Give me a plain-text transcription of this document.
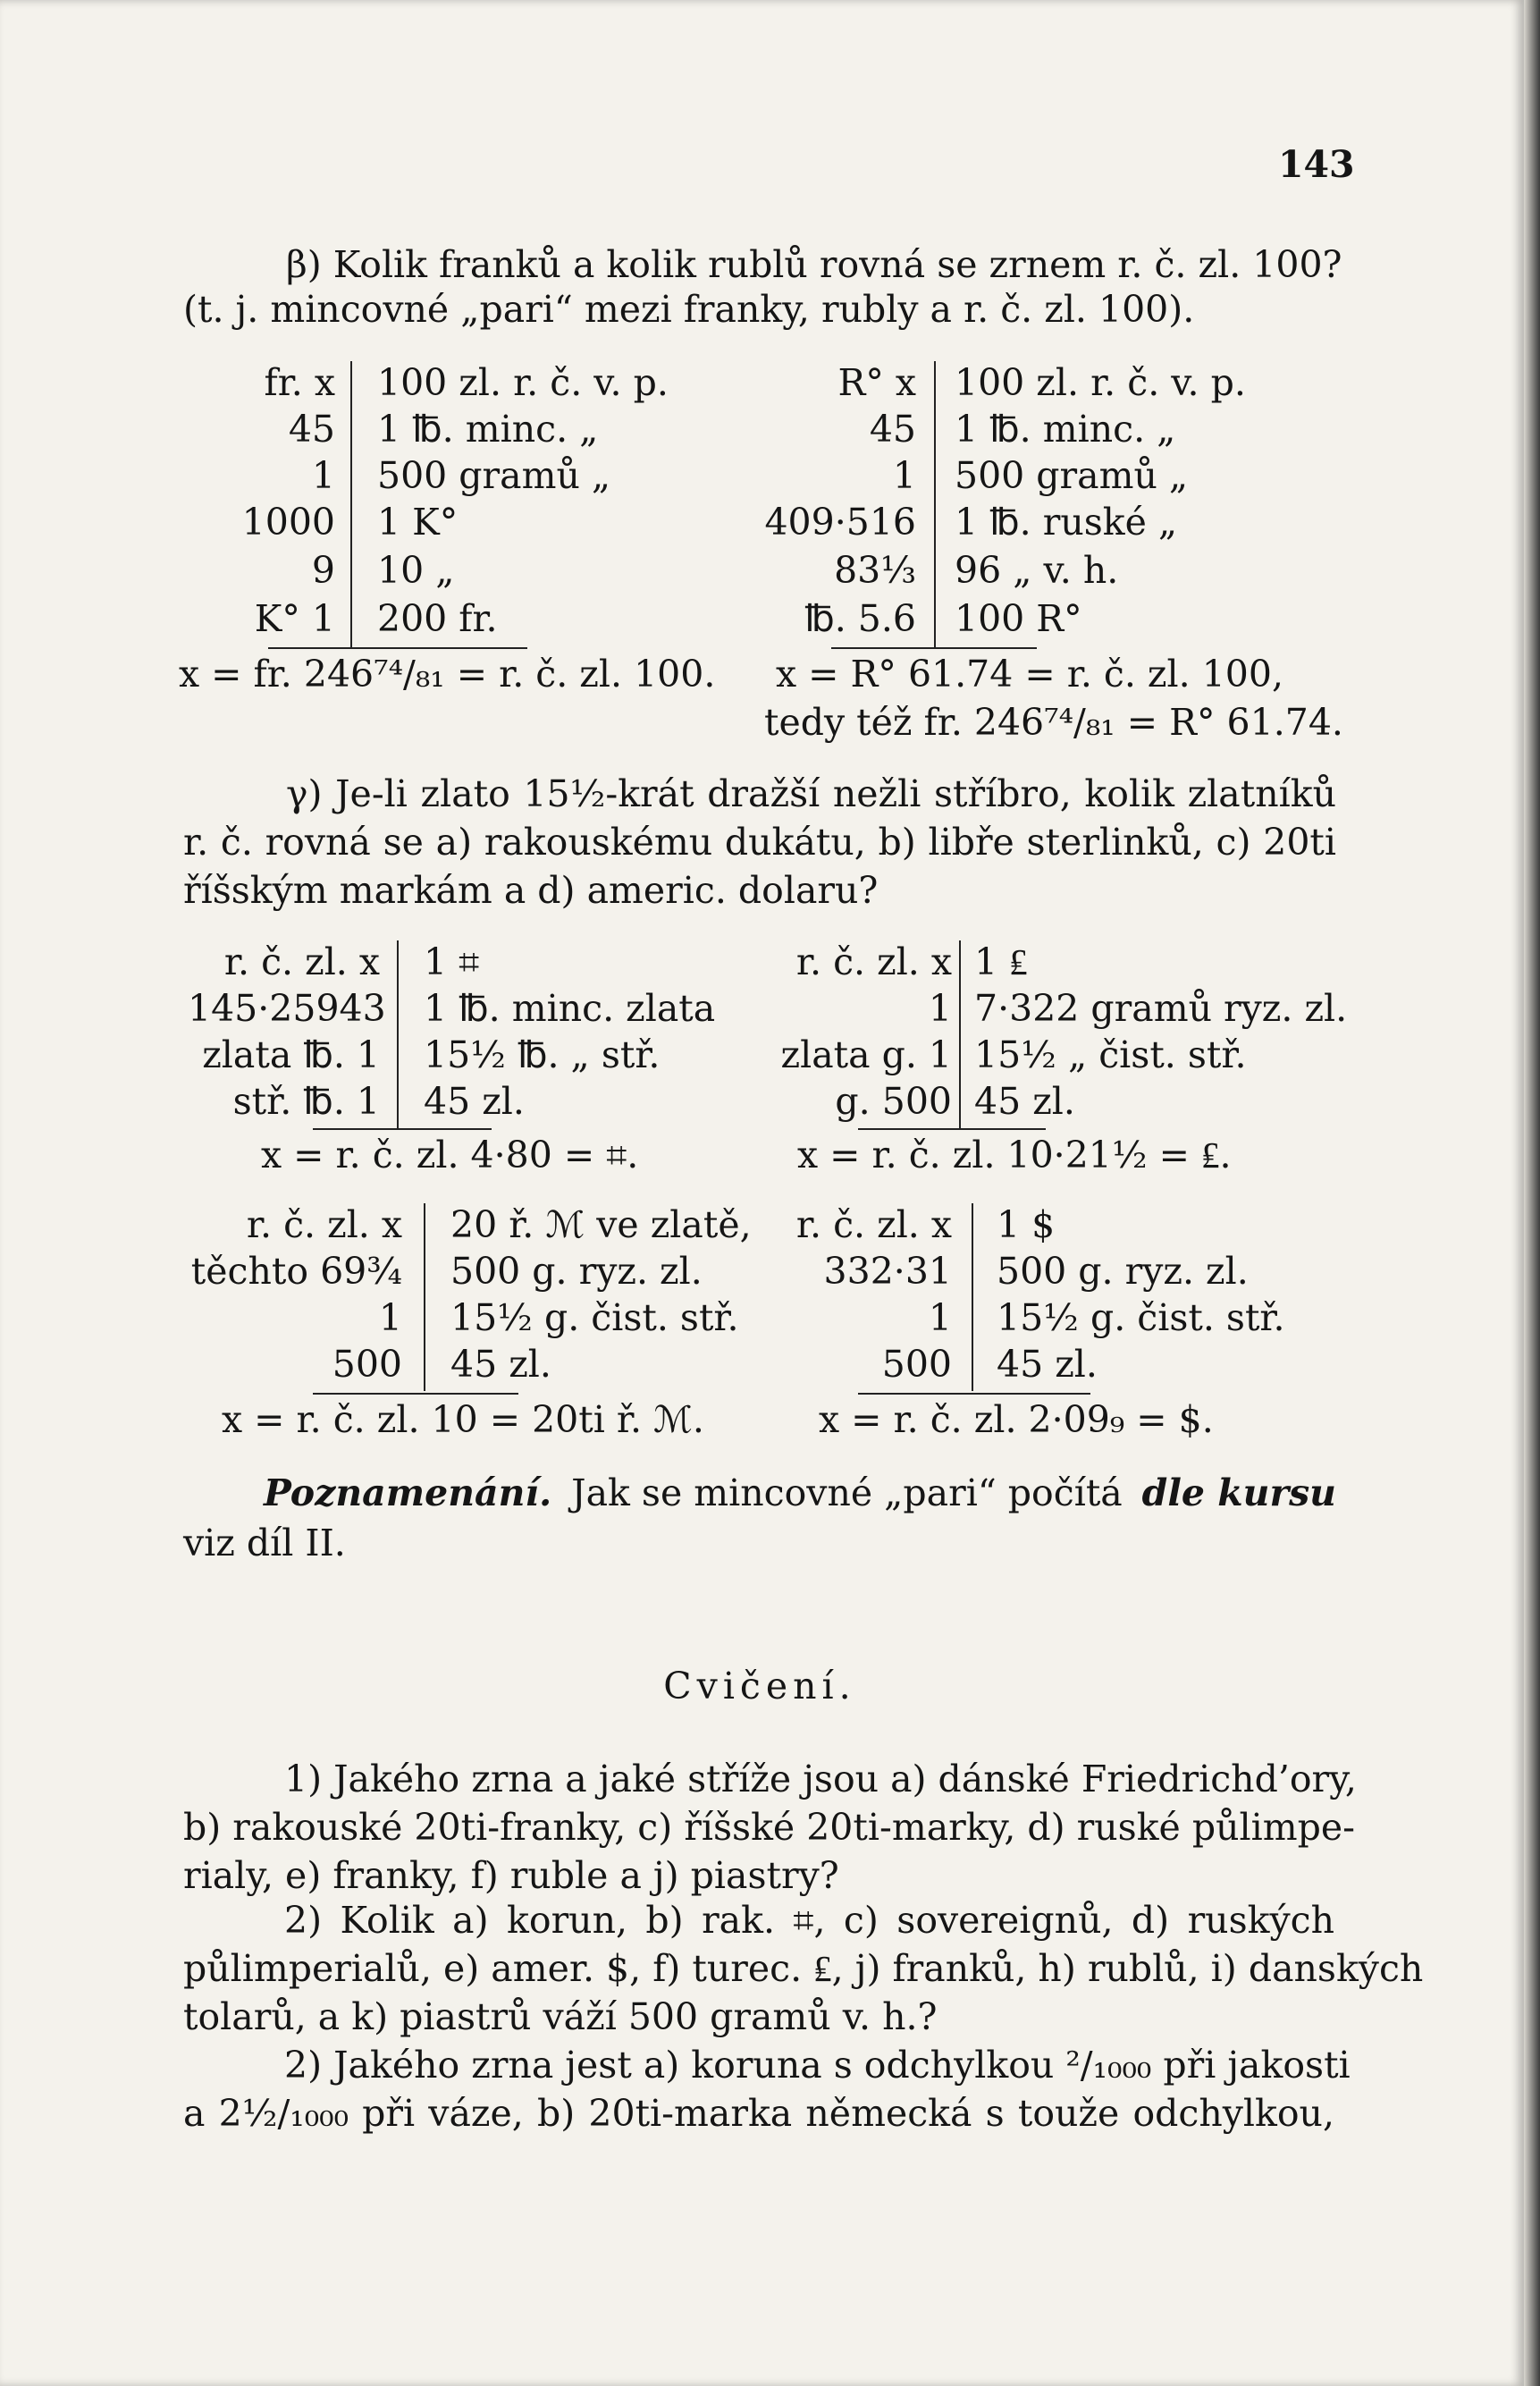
143
β) Kolik franků a kolik rublů rovná se zrnem r. č. zl. 100?
(t. j. mincovné „pari“ mezi franky, rubly a r. č. zl. 100).
fr. x
45
1
1000
9
K° 1
100 zl. r. č. v. p.
1 ℔. minc. „
500 gramů „
1 K°
10 „
200 fr.
x = fr. 246⁷⁴/₈₁ = r. č. zl. 100.
R° x
45
1
409·516
83⅓
℔. 5.6
100 zl. r. č. v. p.
1 ℔. minc. „
500 gramů „
1 ℔. ruské „
96 „ v. h.
100 R°
x = R° 61.74 = r. č. zl. 100,
tedy též fr. 246⁷⁴/₈₁ = R° 61.74.
γ) Je-li zlato 15½-krát dražší nežli stříbro, kolik zlatníků
r. č. rovná se a) rakouskému dukátu, b) libře sterlinků, c) 20ti
říšským markám a d) americ. dolaru?
r. č. zl. x
145·25943
zlata ℔. 1
stř. ℔. 1
1 ⌗
1 ℔. minc. zlata
15½ ℔. „ stř.
45 zl.
x = r. č. zl. 4·80 = ⌗.
r. č. zl. x
1
zlata g. 1
g. 500
1 ₤
7·322 gramů ryz. zl.
15½ „ čist. stř.
45 zl.
x = r. č. zl. 10·21½ = ₤.
r. č. zl. x
těchto 69¾
1
500
20 ř. ℳ ve zlatě,
500 g. ryz. zl.
15½ g. čist. stř.
45 zl.
x = r. č. zl. 10 = 20ti ř. ℳ.
r. č. zl. x
332·31
1
500
1 $
500 g. ryz. zl.
15½ g. čist. stř.
45 zl.
x = r. č. zl. 2·09₉ = $.
Poznamenání. Jak se mincovné „pari“ počítá dle kursu
viz díl II.
Cvičení.
1) Jakého zrna a jaké stříže jsou a) dánské Friedrichd’ory,
b) rakouské 20ti-franky, c) říšské 20ti-marky, d) ruské půlimpe-
rialy, e) franky, f) ruble a j) piastry?
2) Kolik a) korun, b) rak. ⌗, c) sovereignů, d) ruských
půlimperialů, e) amer. $, f) turec. ₤, j) franků, h) rublů, i) danských
tolarů, a k) piastrů váží 500 gramů v. h.?
2) Jakého zrna jest a) koruna s odchylkou ²/₁₀₀₀ při jakosti
a 2½/₁₀₀₀ při váze, b) 20ti-marka německá s touže odchylkou,
